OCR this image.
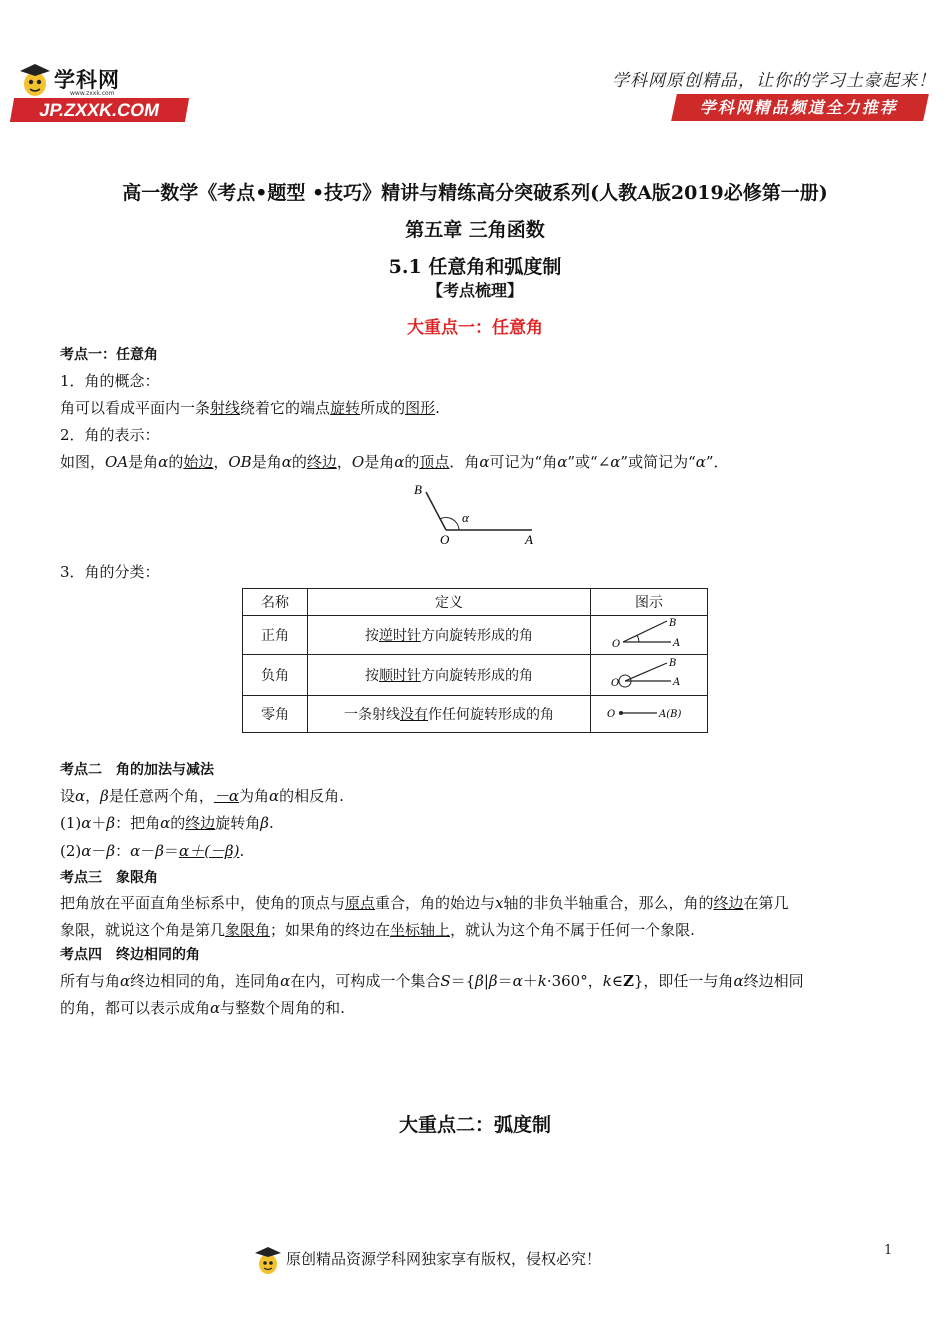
学科网
www.zxxk.com
JP.ZXXK.COM
学科网原创精品，让你的学习土豪起来！
学科网精品频道全力推荐
高一数学《考点•题型 •技巧》精讲与精练高分突破系列(人教A版2019必修第一册)
第五章 三角函数
5.1 任意角和弧度制
【考点梳理】
大重点一：任意角
考点一：任意角
1．角的概念：
角可以看成平面内一条射线绕着它的端点旋转所成的图形.
2．角的表示：
如图，OA是角α的始边，OB是角α的终边，O是角α的顶点．角α可记为“角α”或“∠α”或简记为“α”．
B
O	A
α
3．角的分类：
名称	定义	图示
正角	按逆时针方向旋转形成的角	O
B
A

负角	按顺时针方向旋转形成的角	O
B
A

零角	一条射线没有作任何旋转形成的角	O A(B)
考点二　角的加法与减法
设α，β是任意两个角，－α为角α的相反角.
(1)α＋β：把角α的终边旋转角β.
(2)α－β：α－β＝α＋(－β).
考点三　象限角
把角放在平面直角坐标系中，使角的顶点与原点重合，角的始边与x轴的非负半轴重合，那么，角的终边在第几
象限，就说这个角是第几象限角；如果角的终边在坐标轴上，就认为这个角不属于任何一个象限.
考点四　终边相同的角
所有与角α终边相同的角，连同角α在内，可构成一个集合S＝{β|β＝α＋k·360°，k∈Z}，即任一与角α终边相同
的角，都可以表示成角α与整数个周角的和.
大重点二：弧度制
原创精品资源学科网独家享有版权，侵权必究！	1
